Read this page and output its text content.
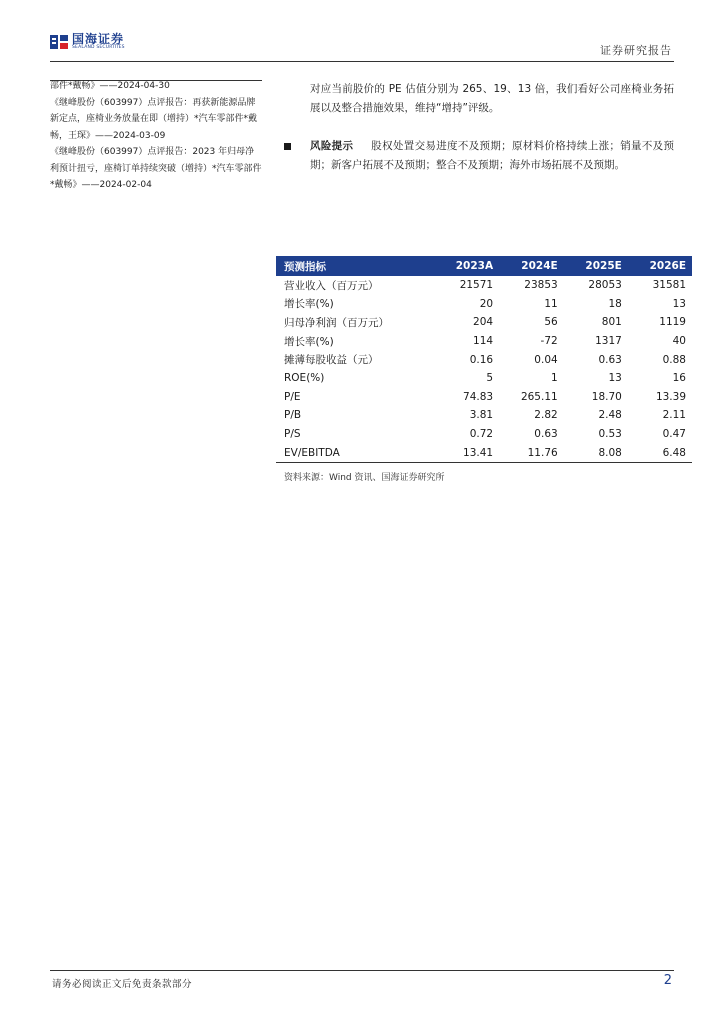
国海证券
SEALAND SECURITIES	证券研究报告

部件*戴畅》——2024-04-30

《继峰股份（603997）点评报告：再获新能源品牌新定点，座椅业务放量在即（增持）*汽车零部件*戴畅，王琛》——2024-03-09

《继峰股份（603997）点评报告：2023 年归母净利预计扭亏，座椅订单持续突破（增持）*汽车零部件*戴畅》——2024-02-04

对应当前股价的 PE 估值分别为 265、19、13 倍，我们看好公司座椅业务拓展以及整合措施效果，维持“增持”评级。
风险提示 股权处置交易进度不及预期；原材料价格持续上涨；销量不及预期；新客户拓展不及预期；整合不及预期；海外市场拓展不及预期。
预测指标	2023A	2024E	2025E	2026E
营业收入（百万元）	21571	23853	28053	31581
增长率(%)	20	11	18	13
归母净利润（百万元）	204	56	801	1119
增长率(%)	114	-72	1317	40
摊薄每股收益（元）	0.16	0.04	0.63	0.88
ROE(%)	5	1	13	16
P/E	74.83	265.11	18.70	13.39
P/B	3.81	2.82	2.48	2.11
P/S	0.72	0.63	0.53	0.47
EV/EBITDA	13.41	11.76	8.08	6.48
资料来源：Wind 资讯、国海证券研究所
请务必阅读正文后免责条款部分	2
